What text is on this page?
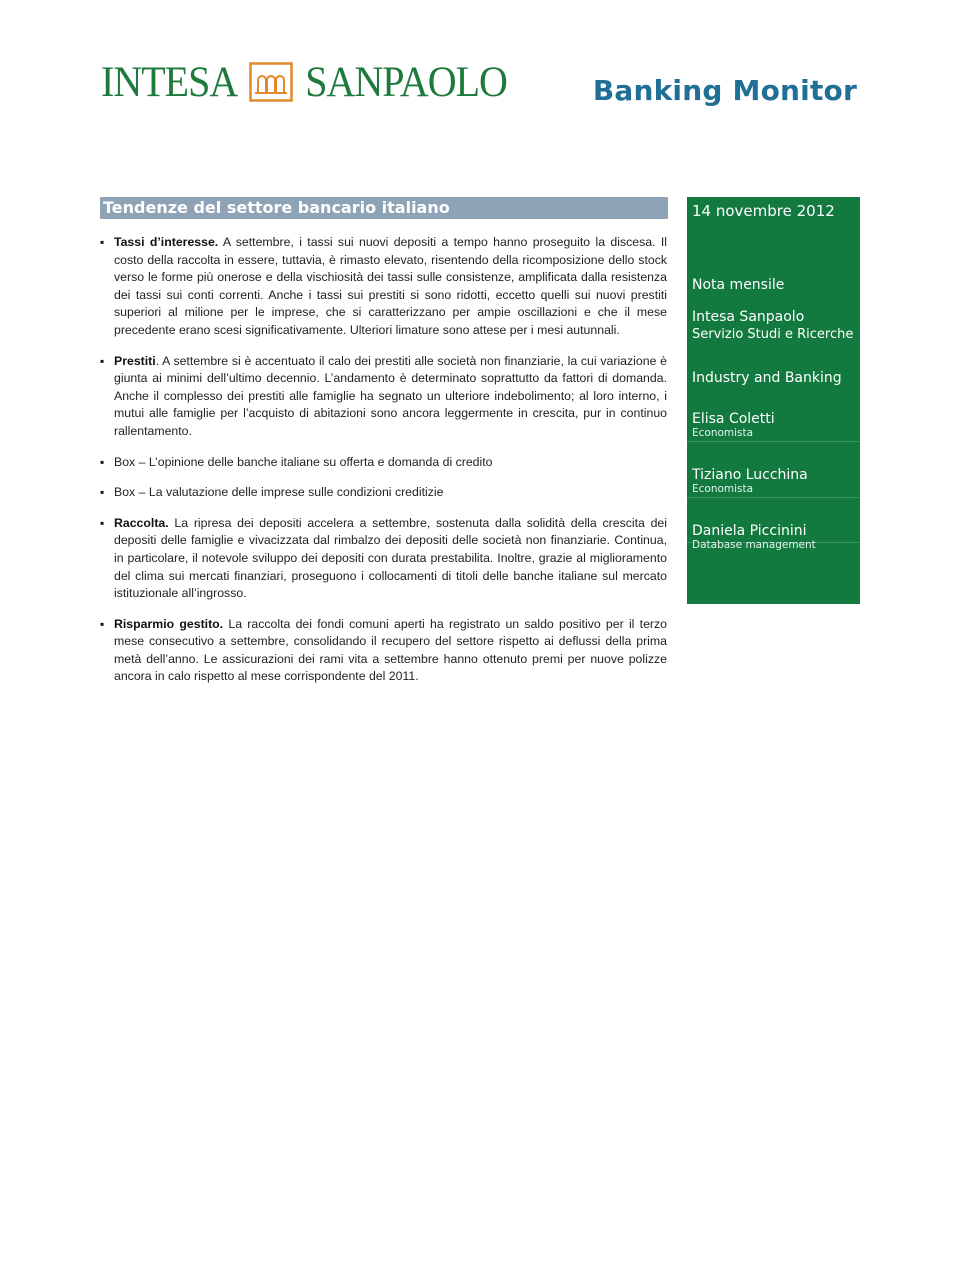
INTESA SANPAOLO	Banking Monitor
Tendenze del settore bancario italiano
▪ Tassi d’interesse. A settembre, i tassi sui nuovi depositi a tempo hanno proseguito la discesa. Il costo della raccolta in essere, tuttavia, è rimasto elevato, risentendo della ricomposizione dello stock verso le forme più onerose e della vischiosità dei tassi sulle consistenze, amplificata dalla resistenza dei tassi sui conti correnti. Anche i tassi sui prestiti si sono ridotti, eccetto quelli sui nuovi prestiti superiori al milione per le imprese, che si caratterizzano per ampie oscillazioni e che il mese precedente erano scesi significativamente. Ulteriori limature sono attese per i mesi autunnali.
▪ Prestiti. A settembre si è accentuato il calo dei prestiti alle società non finanziarie, la cui variazione è giunta ai minimi dell’ultimo decennio. L’andamento è determinato soprattutto da fattori di domanda. Anche il complesso dei prestiti alle famiglie ha segnato un ulteriore indebolimento; al loro interno, i mutui alle famiglie per l’acquisto di abitazioni sono ancora leggermente in crescita, pur in continuo rallentamento.
▪ Box – L’opinione delle banche italiane su offerta e domanda di credito
▪ Box – La valutazione delle imprese sulle condizioni creditizie
▪ Raccolta. La ripresa dei depositi accelera a settembre, sostenuta dalla solidità della crescita dei depositi delle famiglie e vivacizzata dal rimbalzo dei depositi delle società non finanziarie. Continua, in particolare, il notevole sviluppo dei depositi con durata prestabilita. Inoltre, grazie al miglioramento del clima sui mercati finanziari, proseguono i collocamenti di titoli delle banche italiane sul mercato istituzionale all’ingrosso.
▪ Risparmio gestito. La raccolta dei fondi comuni aperti ha registrato un saldo positivo per il terzo mese consecutivo a settembre, consolidando il recupero del settore rispetto ai deflussi della prima metà dell’anno. Le assicurazioni dei rami vita a settembre hanno ottenuto premi per nuove polizze ancora in calo rispetto al mese corrispondente del 2011.
14 novembre 2012
Nota mensile
Intesa Sanpaolo
Servizio Studi e Ricerche
Industry and Banking
Elisa Coletti
Economista
Tiziano Lucchina
Economista
Daniela Piccinini
Database management
